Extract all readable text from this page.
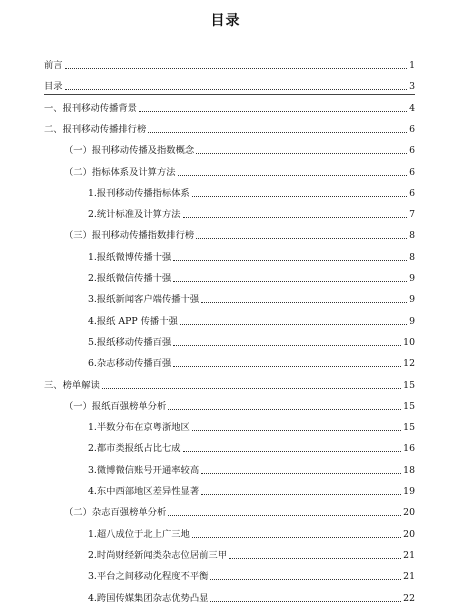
目录
前言	1
目录	3
一、报刊移动传播背景	4
二、报刊移动传播排行榜	6
（一）报刊移动传播及指数概念	6
（二）指标体系及计算方法	6
1.报刊移动传播指标体系	6
2.统计标准及计算方法	7
（三）报刊移动传播指数排行榜	8
1.报纸微博传播十强	8
2.报纸微信传播十强	9
3.报纸新闻客户端传播十强	9
4.报纸 APP 传播十强	9
5.报纸移动传播百强	10
6.杂志移动传播百强	12
三、榜单解读	15
（一）报纸百强榜单分析	15
1.半数分布在京粤浙地区	15
2.都市类报纸占比七成	16
3.微博微信账号开通率较高	18
4.东中西部地区差异性显著	19
（二）杂志百强榜单分析	20
1.超八成位于北上广三地	20
2.时尚财经新闻类杂志位居前三甲	21
3.平台之间移动化程度不平衡	21
4.跨国传媒集团杂志优势凸显	22
